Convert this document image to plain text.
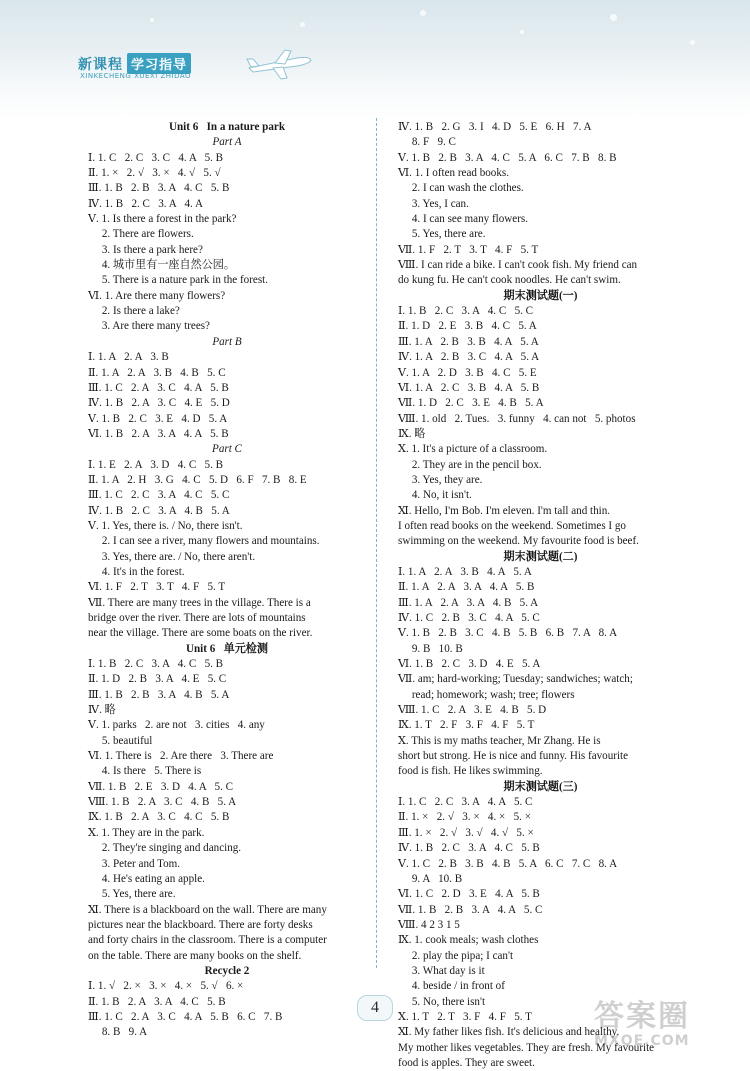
新课程 学习指导
XINKECHENG XUEXI ZHIDAO
Unit 6   In a nature park
Part A
Ⅰ. 1. C   2. C   3. C   4. A   5. B
Ⅱ. 1. ×   2. √   3. ×   4. √   5. √
Ⅲ. 1. B   2. B   3. A   4. C   5. B
Ⅳ. 1. B   2. C   3. A   4. A
Ⅴ. 1. Is there a forest in the park?
2. There are flowers.
3. Is there a park here?
4. 城市里有一座自然公园。
5. There is a nature park in the forest.
Ⅵ. 1. Are there many flowers?
2. Is there a lake?
3. Are there many trees?
Part B
Ⅰ. 1. A   2. A   3. B
Ⅱ. 1. A   2. A   3. B   4. B   5. C
Ⅲ. 1. C   2. A   3. C   4. A   5. B
Ⅳ. 1. B   2. A   3. C   4. E   5. D
Ⅴ. 1. B   2. C   3. E   4. D   5. A
Ⅵ. 1. B   2. A   3. A   4. A   5. B
Part C
Ⅰ. 1. E   2. A   3. D   4. C   5. B
Ⅱ. 1. A   2. H   3. G   4. C   5. D   6. F   7. B   8. E
Ⅲ. 1. C   2. C   3. A   4. C   5. C
Ⅳ. 1. B   2. C   3. A   4. B   5. A
Ⅴ. 1. Yes, there is. / No, there isn't.
2. I can see a river, many flowers and mountains.
3. Yes, there are. / No, there aren't.
4. It's in the forest.
Ⅵ. 1. F   2. T   3. T   4. F   5. T
Ⅶ. There are many trees in the village. There is a
bridge over the river. There are lots of mountains
near the village. There are some boats on the river.
Unit 6   单元检测
Ⅰ. 1. B   2. C   3. A   4. C   5. B
Ⅱ. 1. D   2. B   3. A   4. E   5. C
Ⅲ. 1. B   2. B   3. A   4. B   5. A
Ⅳ. 略
Ⅴ. 1. parks   2. are not   3. cities   4. any
5. beautiful
Ⅵ. 1. There is   2. Are there   3. There are
4. Is there   5. There is
Ⅶ. 1. B   2. E   3. D   4. A   5. C
Ⅷ. 1. B   2. A   3. C   4. B   5. A
Ⅸ. 1. B   2. A   3. C   4. C   5. B
Ⅹ. 1. They are in the park.
2. They're singing and dancing.
3. Peter and Tom.
4. He's eating an apple.
5. Yes, there are.
Ⅺ. There is a blackboard on the wall. There are many
pictures near the blackboard. There are forty desks
and forty chairs in the classroom. There is a computer
on the table. There are many books on the shelf.
Recycle 2
Ⅰ. 1. √   2. ×   3. ×   4. ×   5. √   6. ×
Ⅱ. 1. B   2. A   3. A   4. C   5. B
Ⅲ. 1. C   2. A   3. C   4. A   5. B   6. C   7. B
8. B   9. A
Ⅳ. 1. B   2. G   3. I   4. D   5. E   6. H   7. A
8. F   9. C
Ⅴ. 1. B   2. B   3. A   4. C   5. A   6. C   7. B   8. B
Ⅵ. 1. I often read books.
2. I can wash the clothes.
3. Yes, I can.
4. I can see many flowers.
5. Yes, there are.
Ⅶ. 1. F   2. T   3. T   4. F   5. T
Ⅷ. I can ride a bike. I can't cook fish. My friend can
do kung fu. He can't cook noodles. He can't swim.
期末测试题(一)
Ⅰ. 1. B   2. C   3. A   4. C   5. C
Ⅱ. 1. D   2. E   3. B   4. C   5. A
Ⅲ. 1. A   2. B   3. B   4. A   5. A
Ⅳ. 1. A   2. B   3. C   4. A   5. A
Ⅴ. 1. A   2. D   3. B   4. C   5. E
Ⅵ. 1. A   2. C   3. B   4. A   5. B
Ⅶ. 1. D   2. C   3. E   4. B   5. A
Ⅷ. 1. old   2. Tues.   3. funny   4. can not   5. photos
Ⅸ. 略
Ⅹ. 1. It's a picture of a classroom.
2. They are in the pencil box.
3. Yes, they are.
4. No, it isn't.
Ⅺ. Hello, I'm Bob. I'm eleven. I'm tall and thin.
I often read books on the weekend. Sometimes I go
swimming on the weekend. My favourite food is beef.
期末测试题(二)
Ⅰ. 1. A   2. A   3. B   4. A   5. A
Ⅱ. 1. A   2. A   3. A   4. A   5. B
Ⅲ. 1. A   2. A   3. A   4. B   5. A
Ⅳ. 1. C   2. B   3. C   4. A   5. C
Ⅴ. 1. B   2. B   3. C   4. B   5. B   6. B   7. A   8. A
9. B   10. B
Ⅵ. 1. B   2. C   3. D   4. E   5. A
Ⅶ. am; hard-working; Tuesday; sandwiches; watch;
read; homework; wash; tree; flowers
Ⅷ. 1. C   2. A   3. E   4. B   5. D
Ⅸ. 1. T   2. F   3. F   4. F   5. T
Ⅹ. This is my maths teacher, Mr Zhang. He is
short but strong. He is nice and funny. His favourite
food is fish. He likes swimming.
期末测试题(三)
Ⅰ. 1. C   2. C   3. A   4. A   5. C
Ⅱ. 1. ×   2. √   3. ×   4. ×   5. ×
Ⅲ. 1. ×   2. √   3. √   4. √   5. ×
Ⅳ. 1. B   2. C   3. A   4. C   5. B
Ⅴ. 1. C   2. B   3. B   4. B   5. A   6. C   7. C   8. A
9. A   10. B
Ⅵ. 1. C   2. D   3. E   4. A   5. B
Ⅶ. 1. B   2. B   3. A   4. A   5. C
Ⅷ. 4 2 3 1 5
Ⅸ. 1. cook meals; wash clothes
2. play the pipa; I can't
3. What day is it
4. beside / in front of
5. No, there isn't
Ⅹ. 1. T   2. T   3. F   4. F   5. T
Ⅺ. My father likes fish. It's delicious and healthy.
My mother likes vegetables. They are fresh. My favourite
food is apples. They are sweet.
4	答案圈
MXQE.COM
